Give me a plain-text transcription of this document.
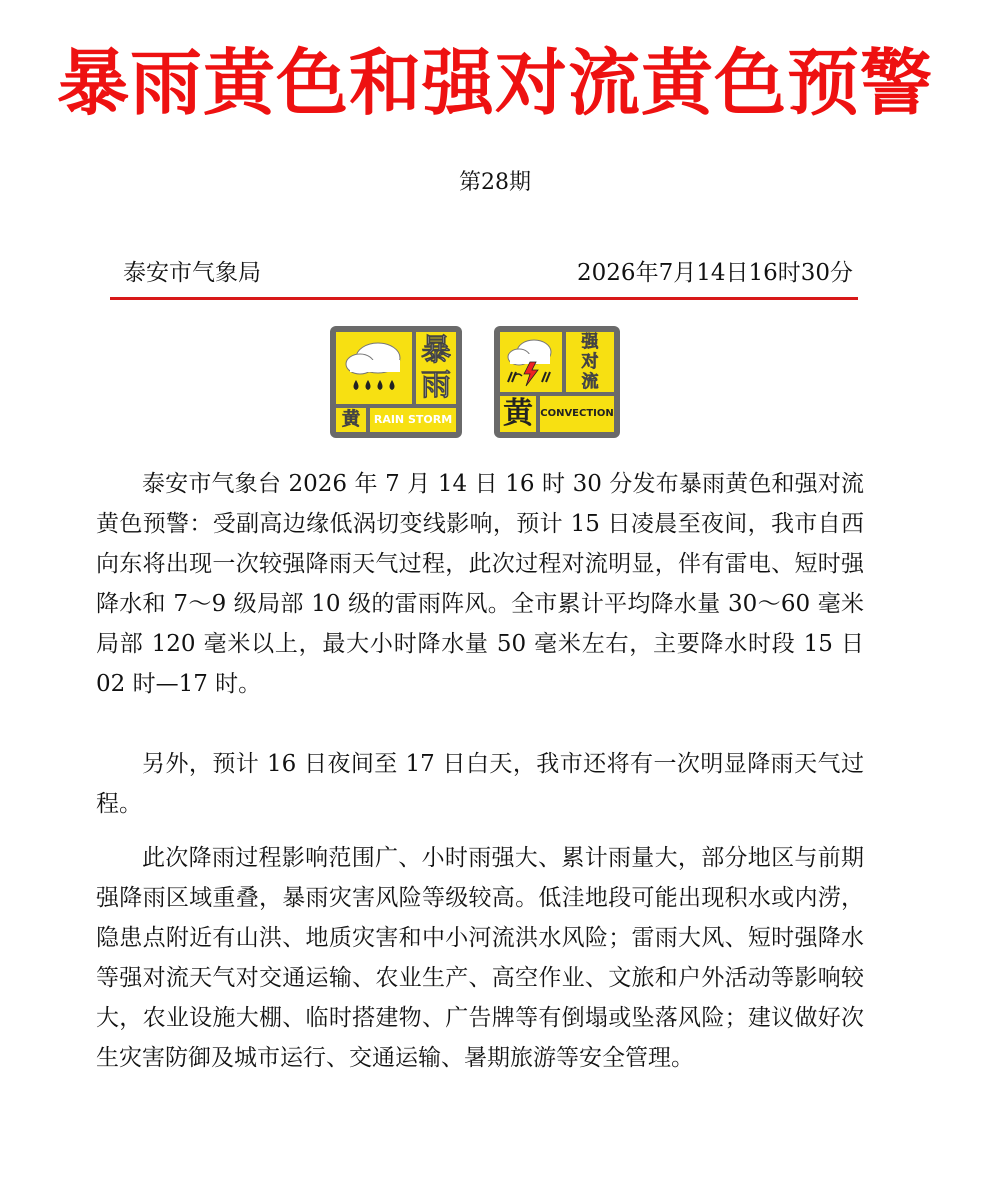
暴雨黄色和强对流黄色预警
第28期
泰安市气象局	2026年7月14日16时30分
暴雨
黄	RAIN STORM
强对流
黄 CONVECTION

泰安市气象台 2026 年 7 月 14 日 16 时 30 分发布暴雨黄色和强对流黄色预警：受副高边缘低涡切变线影响，预计 15 日凌晨至夜间，我市自西向东将出现一次较强降雨天气过程，此次过程对流明显，伴有雷电、短时强降水和 7～9 级局部 10 级的雷雨阵风。全市累计平均降水量 30～60 毫米局部 120 毫米以上，最大小时降水量 50 毫米左右，主要降水时段 15 日 02 时—17 时。

另外，预计 16 日夜间至 17 日白天，我市还将有一次明显降雨天气过程。

此次降雨过程影响范围广、小时雨强大、累计雨量大，部分地区与前期强降雨区域重叠，暴雨灾害风险等级较高。低洼地段可能出现积水或内涝，隐患点附近有山洪、地质灾害和中小河流洪水风险；雷雨大风、短时强降水等强对流天气对交通运输、农业生产、高空作业、文旅和户外活动等影响较大，农业设施大棚、临时搭建物、广告牌等有倒塌或坠落风险；建议做好次生灾害防御及城市运行、交通运输、暑期旅游等安全管理。
